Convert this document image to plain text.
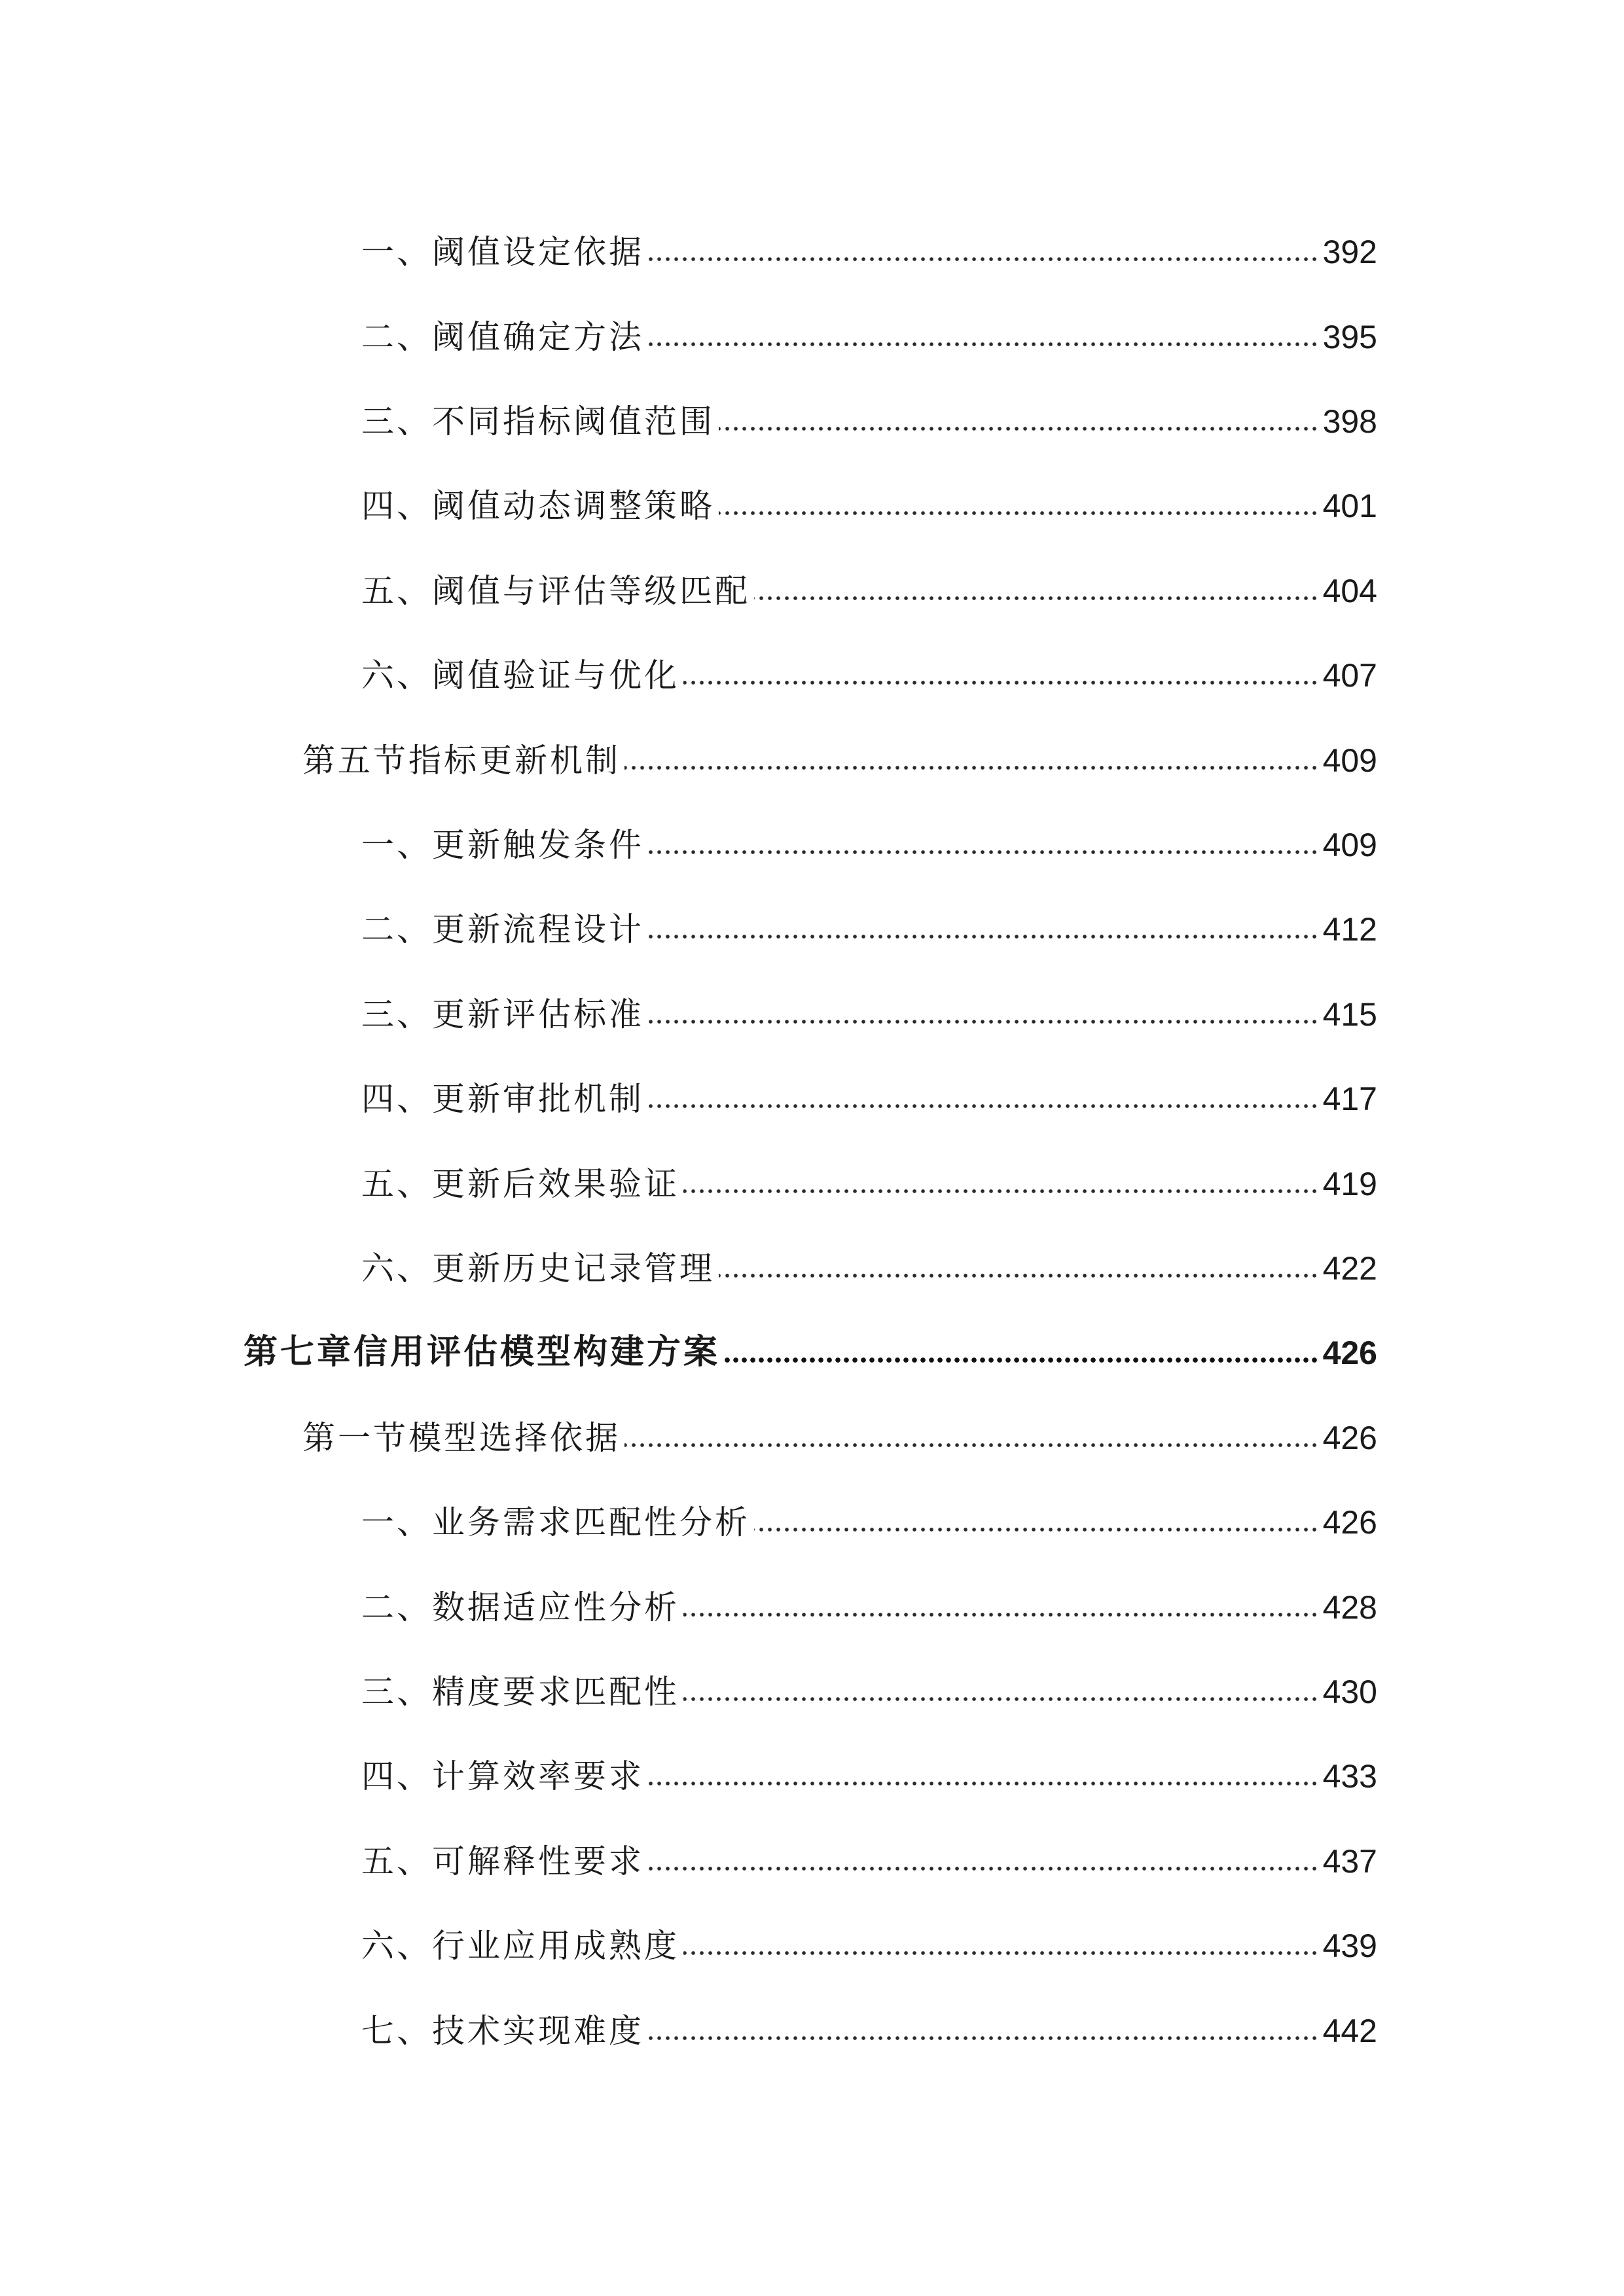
一、阈值设定依据	392
二、阈值确定方法	395
三、不同指标阈值范围	398
四、阈值动态调整策略	401
五、阈值与评估等级匹配	404
六、阈值验证与优化	407
第五节指标更新机制	409
一、更新触发条件	409
二、更新流程设计	412
三、更新评估标准	415
四、更新审批机制	417
五、更新后效果验证	419
六、更新历史记录管理	422
第七章信用评估模型构建方案	426
第一节模型选择依据	426
一、业务需求匹配性分析	426
二、数据适应性分析	428
三、精度要求匹配性	430
四、计算效率要求	433
五、可解释性要求	437
六、行业应用成熟度	439
七、技术实现难度	442
